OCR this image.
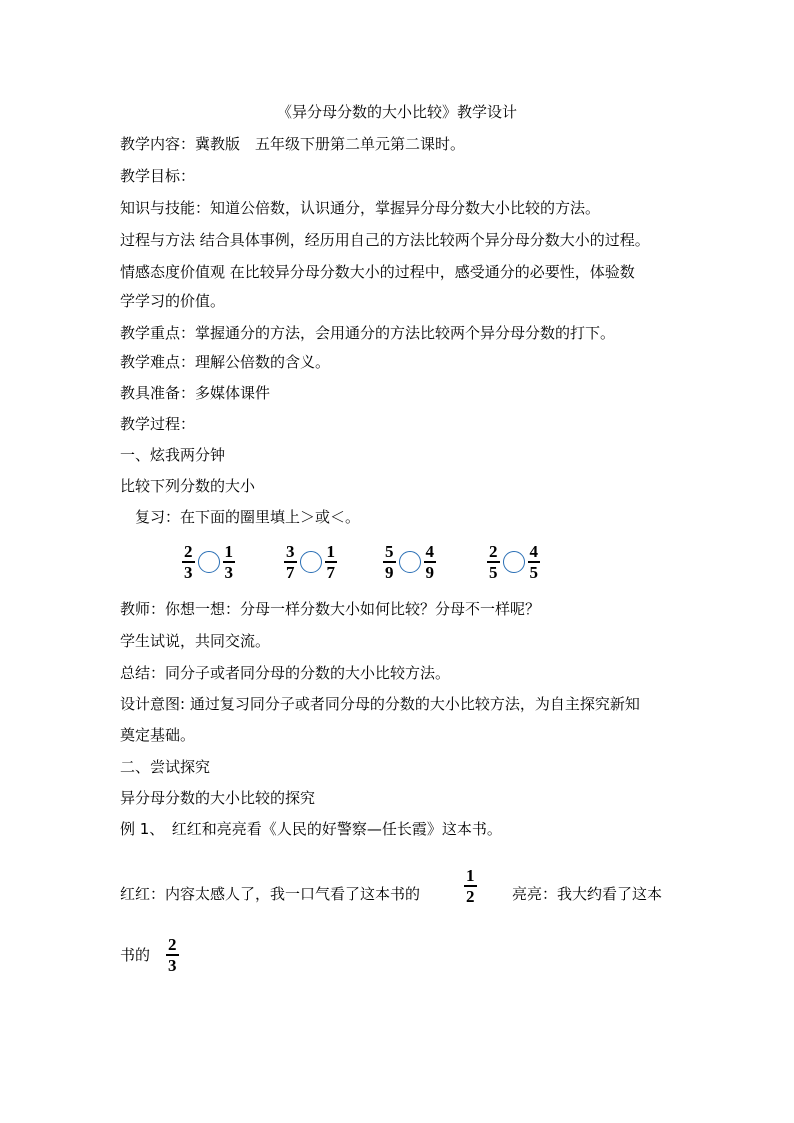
《异分母分数的大小比较》教学设计
教学内容：冀教版　五年级下册第二单元第二课时。
教学目标：
知识与技能：知道公倍数，认识通分，掌握异分母分数大小比较的方法。
过程与方法 结合具体事例，经历用自己的方法比较两个异分母分数大小的过程。
情感态度价值观 在比较异分母分数大小的过程中，感受通分的必要性，体验数
学学习的价值。
教学重点：掌握通分的方法，会用通分的方法比较两个异分母分数的打下。
教学难点：理解公倍数的含义。
教具准备：多媒体课件
教学过程：
一、炫我两分钟
比较下列分数的大小
　复习：在下面的圈里填上＞或＜。
$\frac{2}{3} \frac{1}{3}$	$\frac{3}{7} \frac{1}{7}$	$\frac{5}{9} \frac{4}{9}$	$\frac{2}{5} \frac{4}{5}$
教师：你想一想：分母一样分数大小如何比较？分母不一样呢？
学生试说，共同交流。
总结：同分子或者同分母的分数的大小比较方法。
设计意图: 通过复习同分子或者同分母的分数的大小比较方法，为自主探究新知
奠定基础。
二、尝试探究
异分母分数的大小比较的探究
例 1、　红红和亮亮看《人民的好警察—任长霞》这本书。
红红：内容太感人了，我一口气看了这本书的	$\frac{1}{2}$ 亮亮：我大约看了这本
书的 $\frac{2}{3}$
